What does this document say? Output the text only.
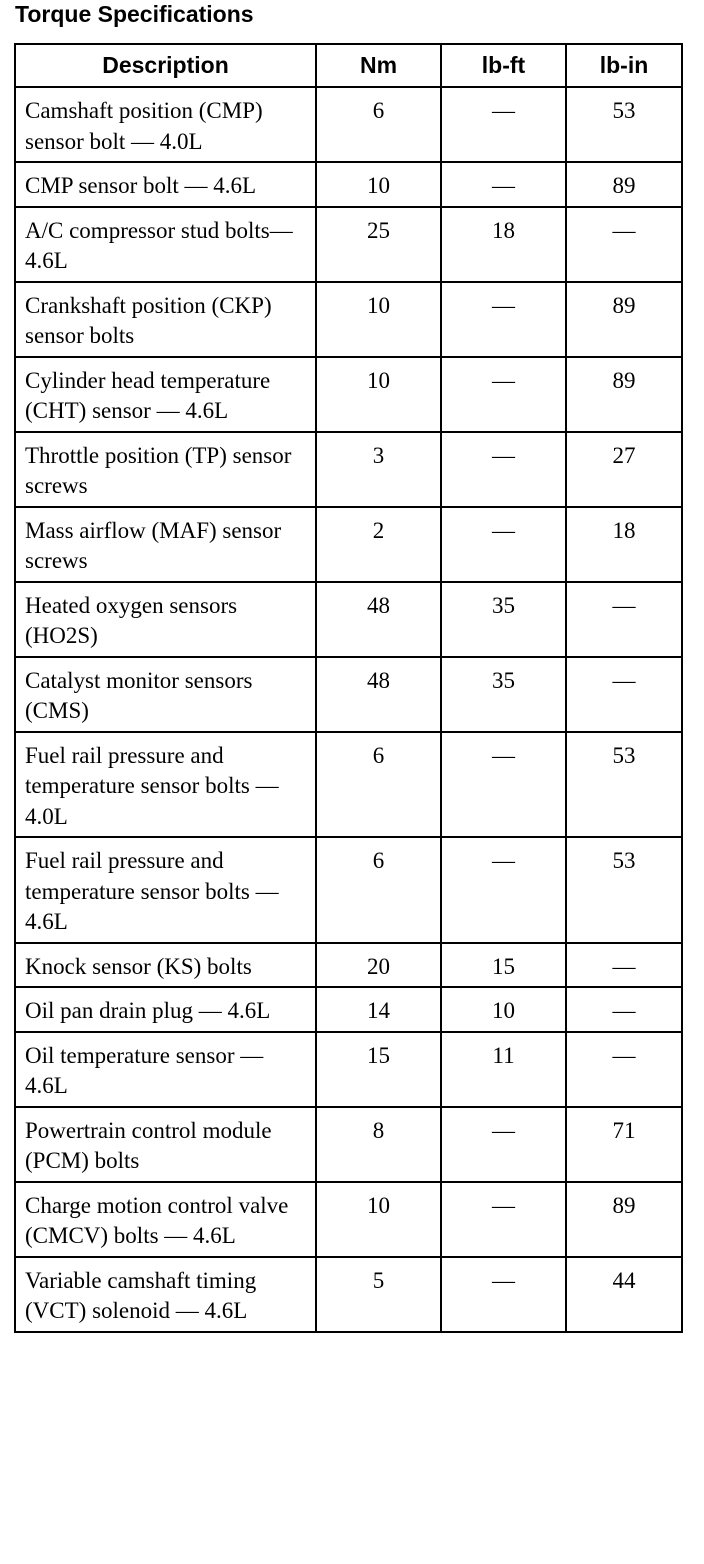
Torque Specifications
Description	Nm	lb-ft	lb-in
Camshaft position (CMP) sensor bolt — 4.0L	6	—	53
CMP sensor bolt — 4.6L	10	—	89
A/C compressor stud bolts— 4.6L	25	18	—
Crankshaft position (CKP) sensor bolts	10	—	89
Cylinder head temperature (CHT) sensor — 4.6L	10	—	89
Throttle position (TP) sensor screws	3	—	27
Mass airflow (MAF) sensor screws	2	—	18
Heated oxygen sensors (HO2S)	48	35	—
Catalyst monitor sensors (CMS)	48	35	—
Fuel rail pressure and temperature sensor bolts — 4.0L	6	—	53
Fuel rail pressure and temperature sensor bolts — 4.6L	6	—	53
Knock sensor (KS) bolts	20	15	—
Oil pan drain plug — 4.6L	14	10	—
Oil temperature sensor — 4.6L	15	11	—
Powertrain control module (PCM) bolts	8	—	71
Charge motion control valve (CMCV) bolts — 4.6L	10	—	89
Variable camshaft timing (VCT) solenoid — 4.6L	5	—	44
